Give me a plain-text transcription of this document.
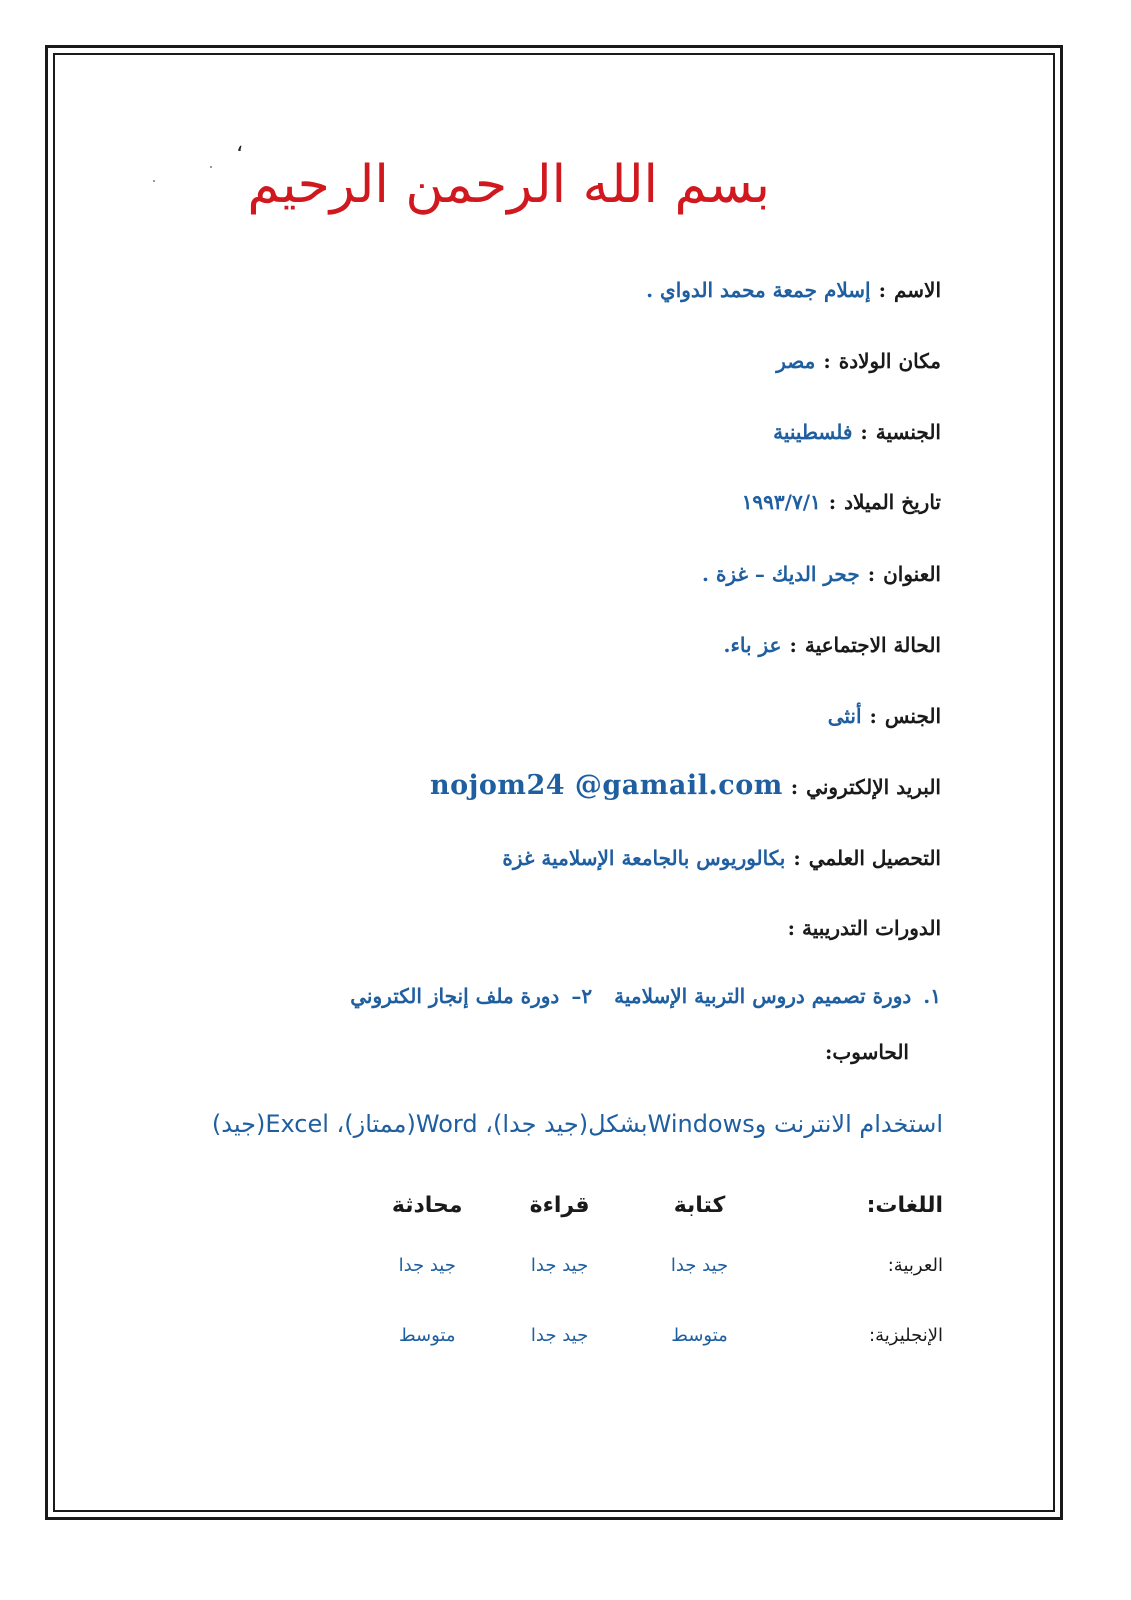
،
بسم الله الرحمن الرحيم
الاسم:إسلام جمعة محمد الدواي .
مكان الولادة:مصر
الجنسية:فلسطينية
تاريخ الميلاد:١٩٩٣/٧/١
العنوان:جحر الديك – غزة .
الحالة الاجتماعية:عز باء.
الجنس:أنثى
البريد الإلكتروني:nojom24 @gamail.com
التحصيل العلمي:بكالوريوس بالجامعة الإسلامية غزة
الدورات التدريبية :
١.دورة تصميم دروس التربية الإسلامية٢–دورة ملف إنجاز الكتروني
الحاسوب:
استخدام الانترنت وWindowsبشكل(جيد جدا)، Word(ممتاز)، Excel(جيد)
اللغات:	كتابة	قراءة	محادثة
العربية:	جيد جدا	جيد جدا	جيد جدا
الإنجليزية:	متوسط	جيد جدا	متوسط
